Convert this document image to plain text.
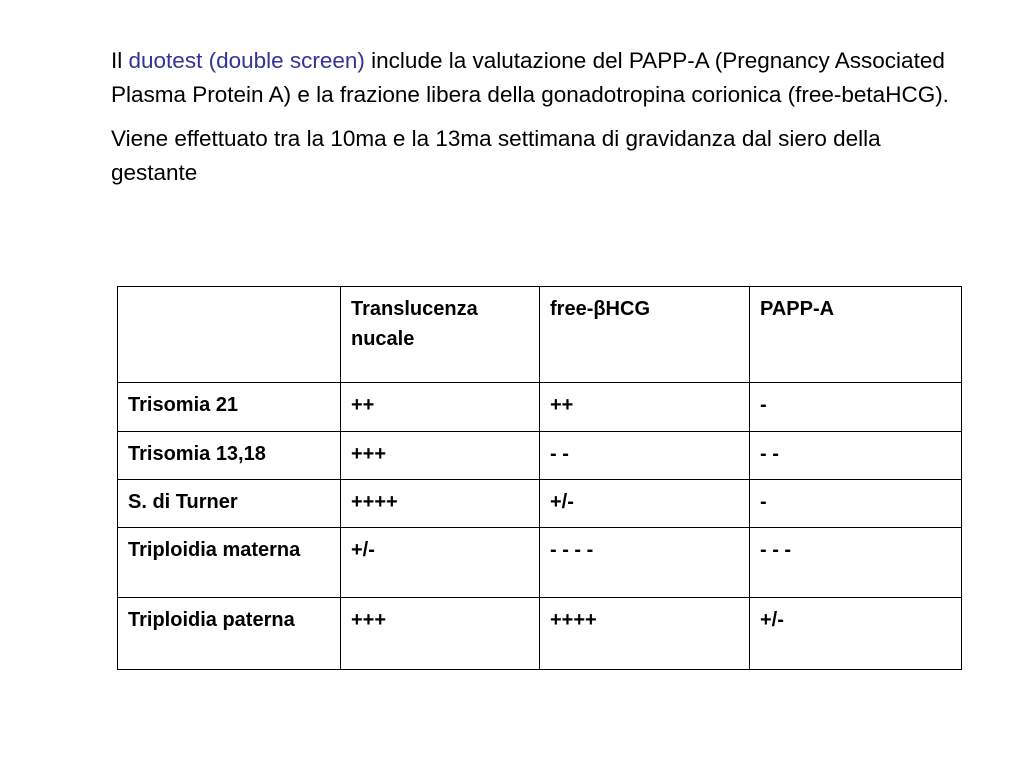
Il duotest (double screen) include la valutazione del PAPP-A (Pregnancy Associated Plasma Protein A) e la frazione libera della gonadotropina corionica (free-betaHCG).

Viene effettuato tra la 10ma e la 13ma settimana di gravidanza dal siero della gestante

	Translucenza nucale	free-βHCG	PAPP-A
Trisomia 21	++	++	-
Trisomia 13,18	+++	- -	- -
S. di Turner	++++	+/-	-
Triploidia materna	+/-	- - - -	- - -
Triploidia paterna	+++	++++	+/-
